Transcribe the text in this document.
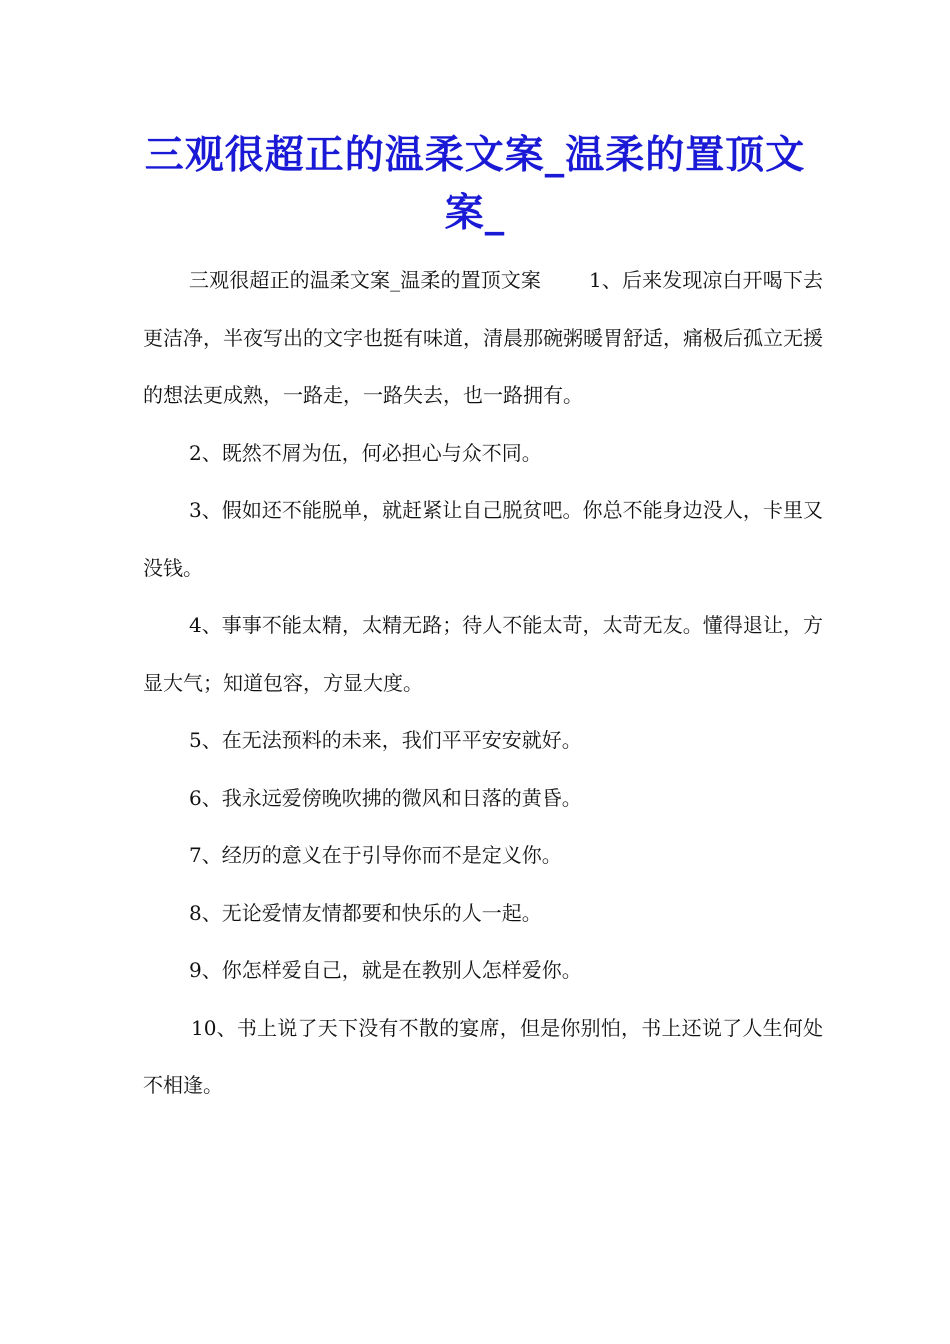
三观很超正的温柔文案_温柔的置顶文案_

三观很超正的温柔文案_温柔的置顶文案 1、后来发现凉白开喝下去更洁净，半夜写出的文字也挺有味道，清晨那碗粥暖胃舒适，痛极后孤立无援的想法更成熟，一路走，一路失去，也一路拥有。

2、既然不屑为伍，何必担心与众不同。

3、假如还不能脱单，就赶紧让自己脱贫吧。你总不能身边没人，卡里又没钱。

4、事事不能太精，太精无路；待人不能太苛，太苛无友。懂得退让，方显大气；知道包容，方显大度。

5、在无法预料的未来，我们平平安安就好。

6、我永远爱傍晚吹拂的微风和日落的黄昏。

7、经历的意义在于引导你而不是定义你。

8、无论爱情友情都要和快乐的人一起。

9、你怎样爱自己，就是在教别人怎样爱你。

10、书上说了天下没有不散的宴席，但是你别怕，书上还说了人生何处不相逢。
